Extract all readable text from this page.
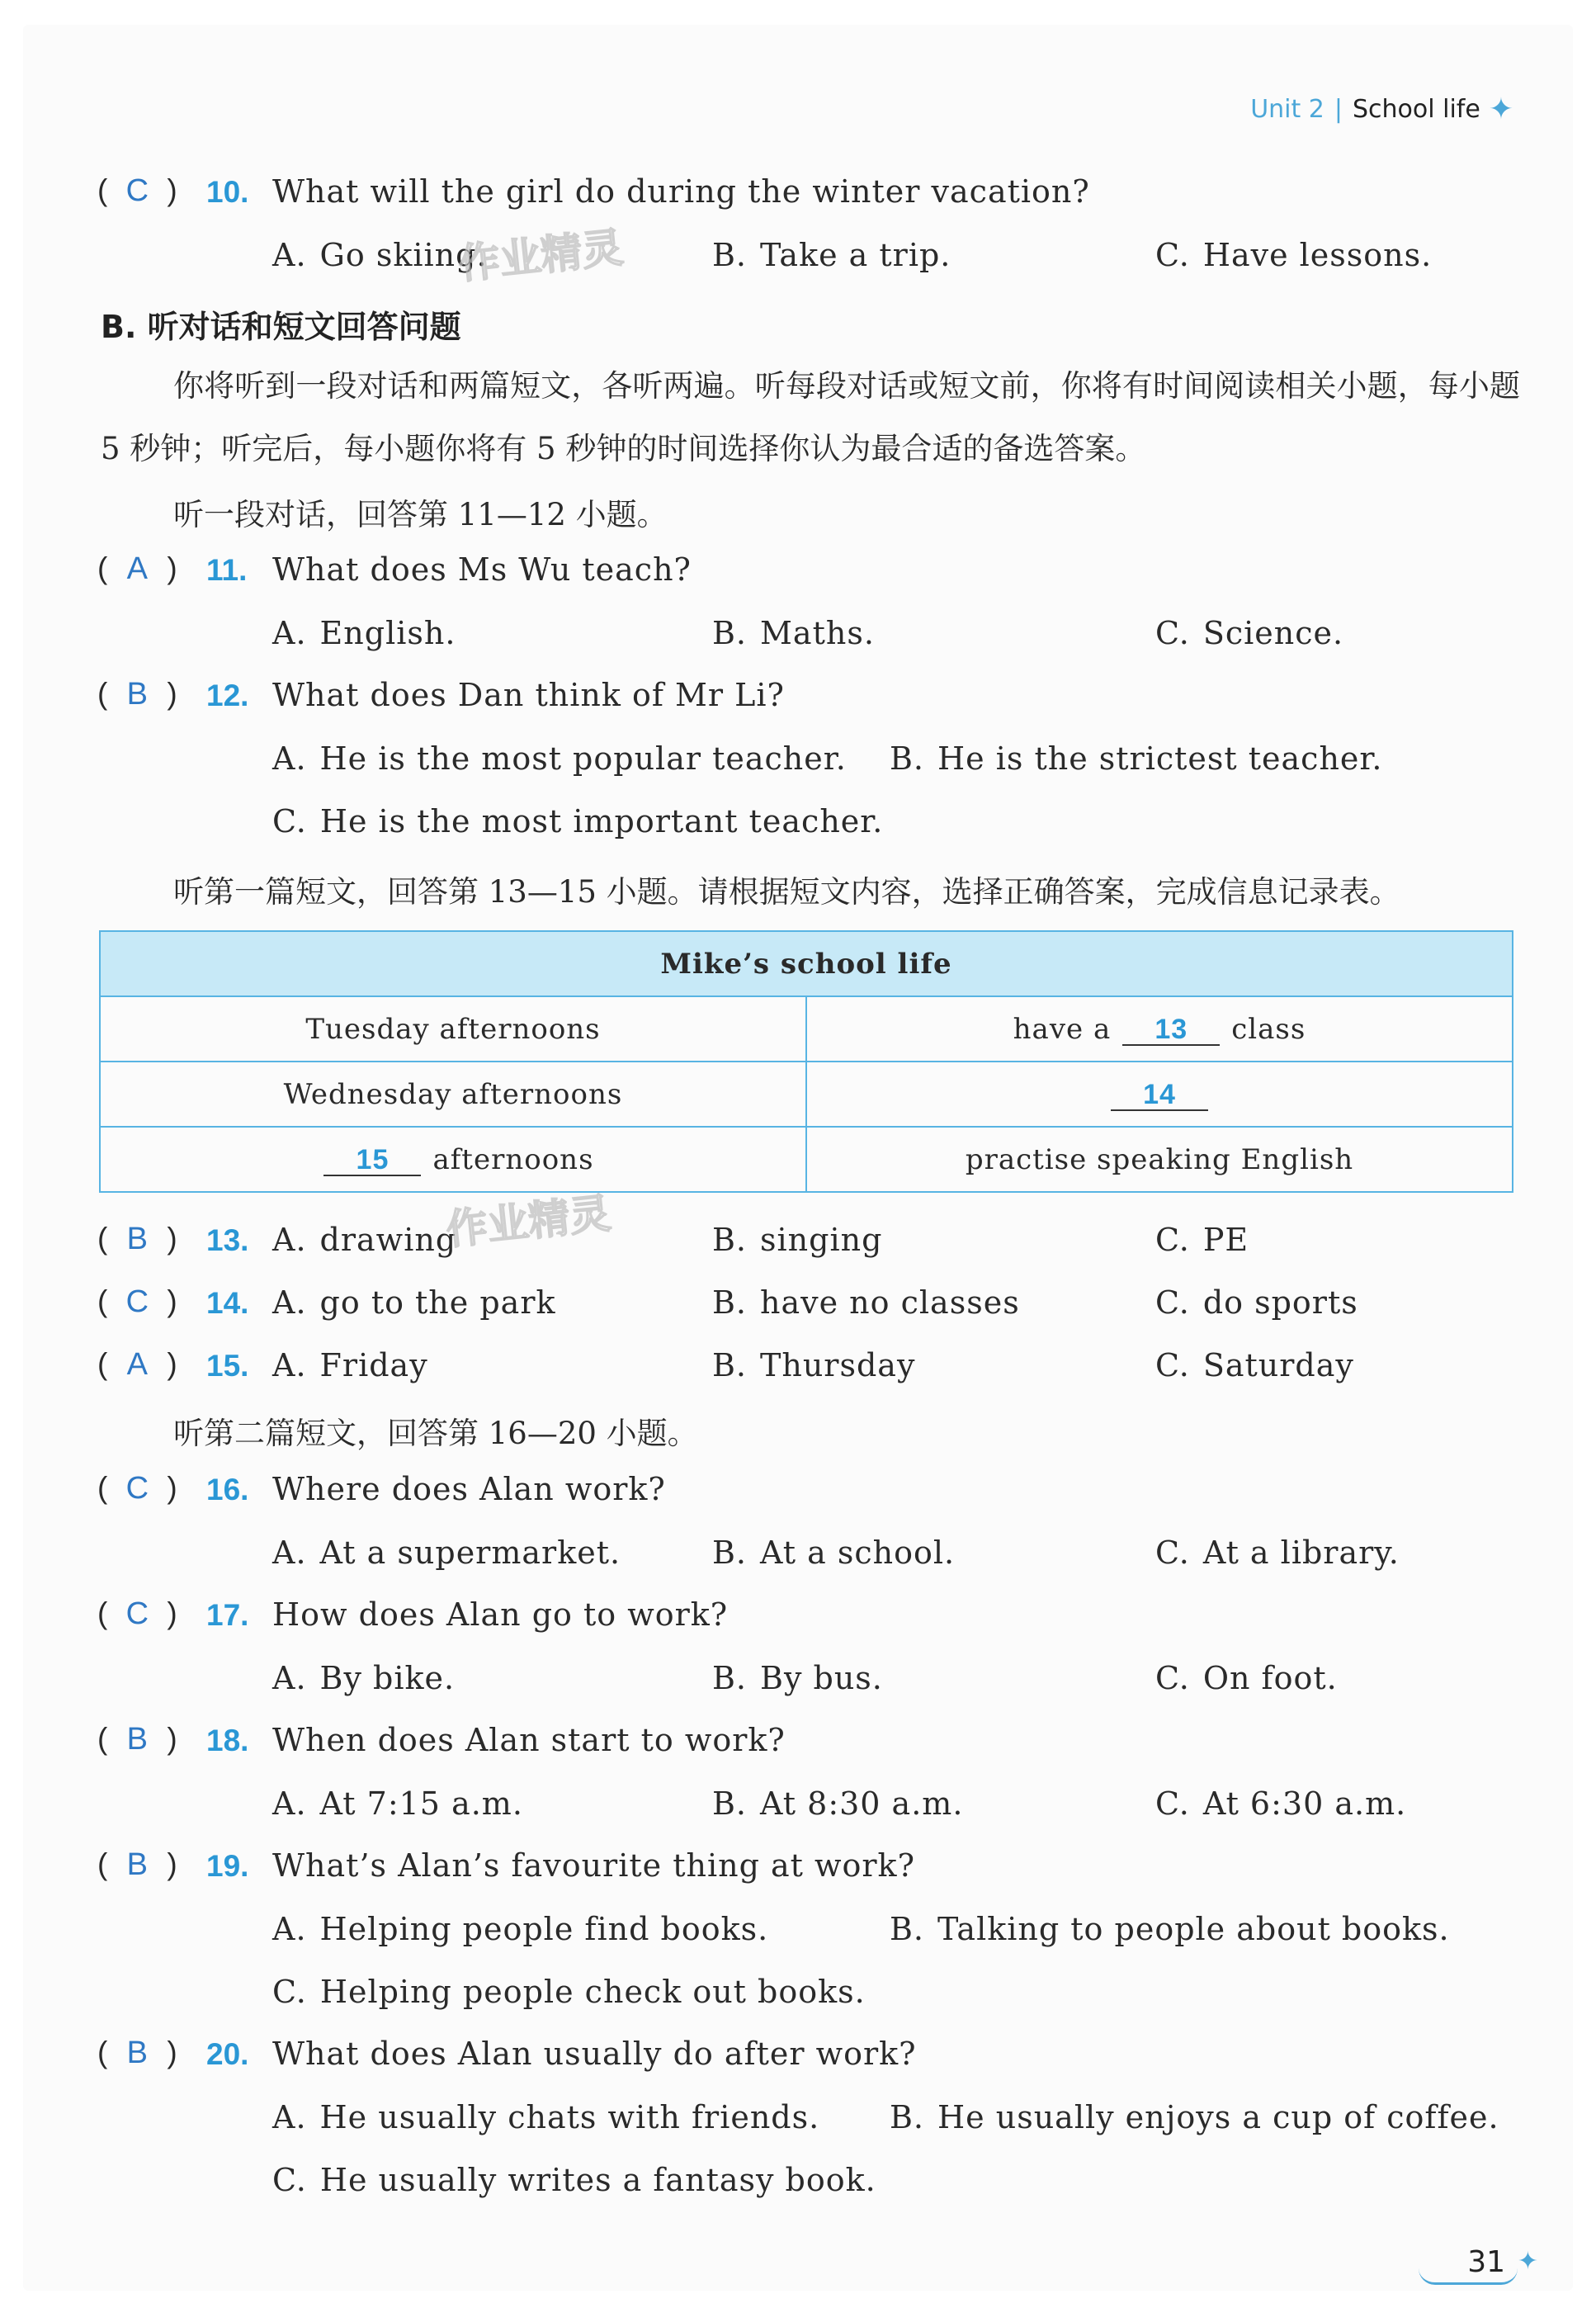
Unit 2 | School life ✦
( C ) 10. What will the girl do during the winter vacation?
A. Go skiing.	B. Take a trip.	C. Have lessons.
作业精灵
B. 听对话和短文回答问题
你将听到一段对话和两篇短文，各听两遍。听每段对话或短文前，你将有时间阅读相关小题，每小题 5 秒钟；听完后，每小题你将有 5 秒钟的时间选择你认为最合适的备选答案。
听一段对话，回答第 11—12 小题。
( A ) 11. What does Ms Wu teach?
A. English.	B. Maths.	C. Science.
( B ) 12. What does Dan think of Mr Li?
A. He is the most popular teacher. B. He is the strictest teacher.
C. He is the most important teacher.
听第一篇短文，回答第 13—15 小题。请根据短文内容，选择正确答案，完成信息记录表。
Mike’s school life	
Tuesday afternoons	have a 13 class
Wednesday afternoons	14
15 afternoons	practise speaking English
( B ) 13. A. drawing	B. singing	C. PE
作业精灵
( C ) 14. A. go to the park	B. have no classes	C. do sports
( A ) 15. A. Friday	B. Thursday	C. Saturday
听第二篇短文，回答第 16—20 小题。
( C ) 16. Where does Alan work?
A. At a supermarket.	B. At a school.	C. At a library.
( C ) 17. How does Alan go to work?
A. By bike.	B. By bus.	C. On foot.
( B ) 18. When does Alan start to work?
A. At 7:15 a.m.	B. At 8:30 a.m.	C. At 6:30 a.m.
( B ) 19. What’s Alan’s favourite thing at work?
A. Helping people find books.	B. Talking to people about books.
C. Helping people check out books.
( B ) 20. What does Alan usually do after work?
A. He usually chats with friends. B. He usually enjoys a cup of coffee.
C. He usually writes a fantasy book.
31 ✦
